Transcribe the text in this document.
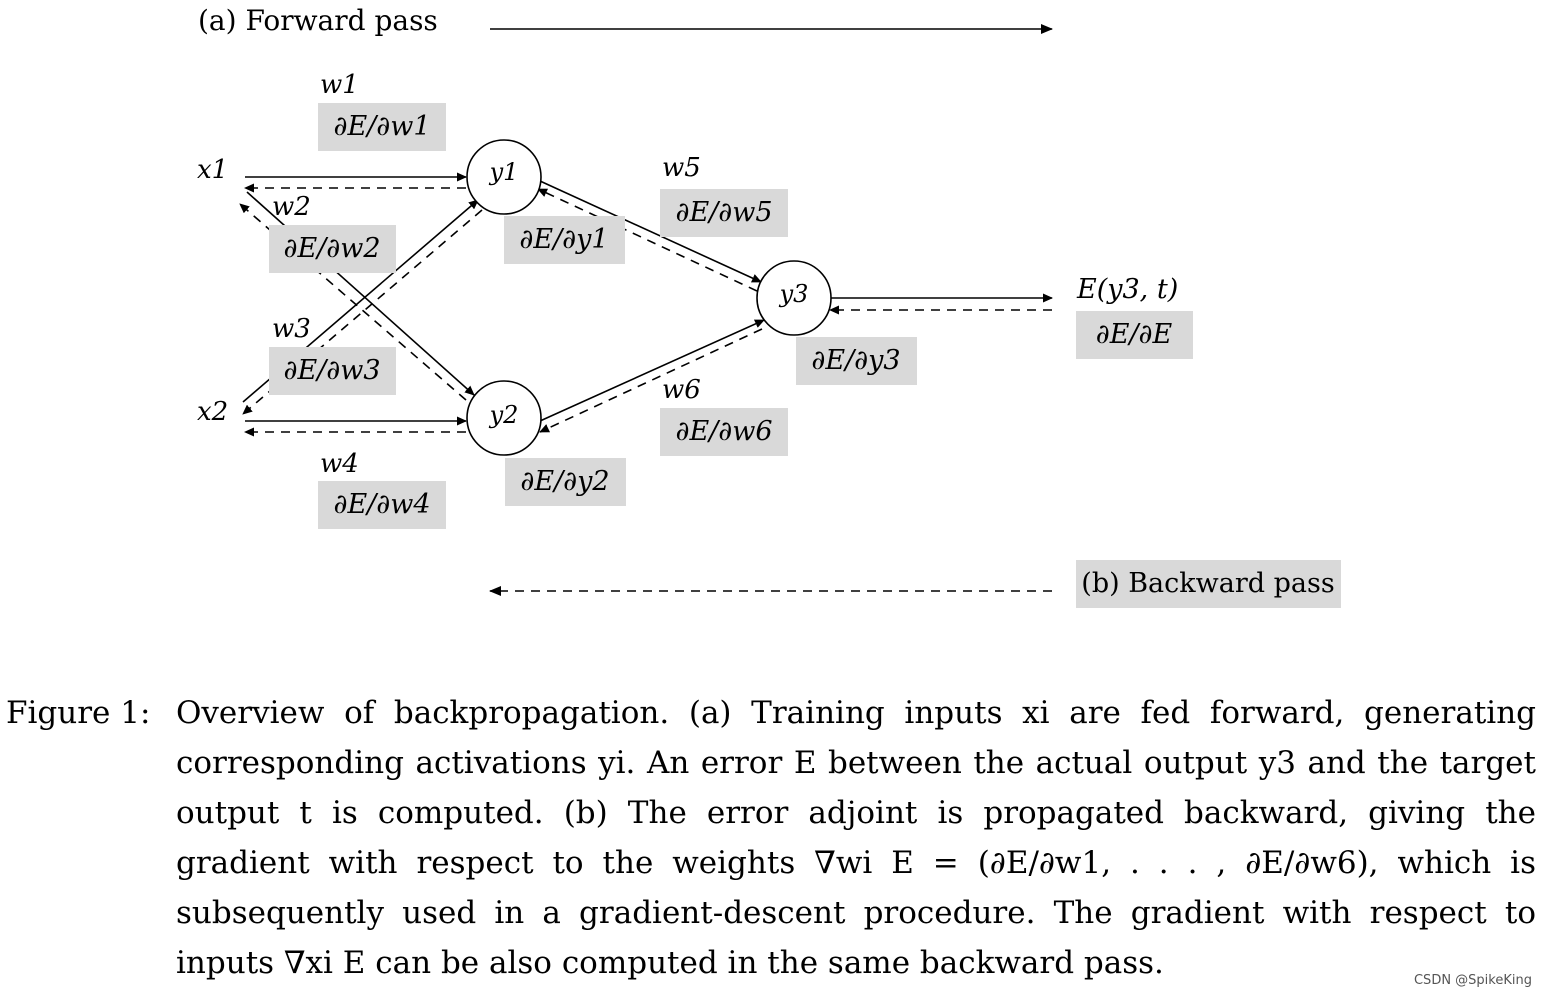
(a) Forward pass
y1
y2
y3
x1
x2
E(y3, t)
w1
w2
w3
w4
w5
w6
∂E/∂w1
∂E/∂w2
∂E/∂w3
∂E/∂w4
∂E/∂w5
∂E/∂w6
∂E/∂y1
∂E/∂y2
∂E/∂y3
∂E/∂E
(b) Backward pass
Figure 1: Overview of backpropagation. (a) Training inputs xi are fed forward, generating corresponding activations yi. An error E between the actual output y3 and the target output t is computed. (b) The error adjoint is propagated backward, giving the gradient with respect to the weights ∇wi E = (∂E/∂w1, . . . , ∂E/∂w6), which is subsequently used in a gradient-descent procedure. The gradient with respect to inputs ∇xi E can be also computed in the same backward pass.	CSDN @SpikeKing
